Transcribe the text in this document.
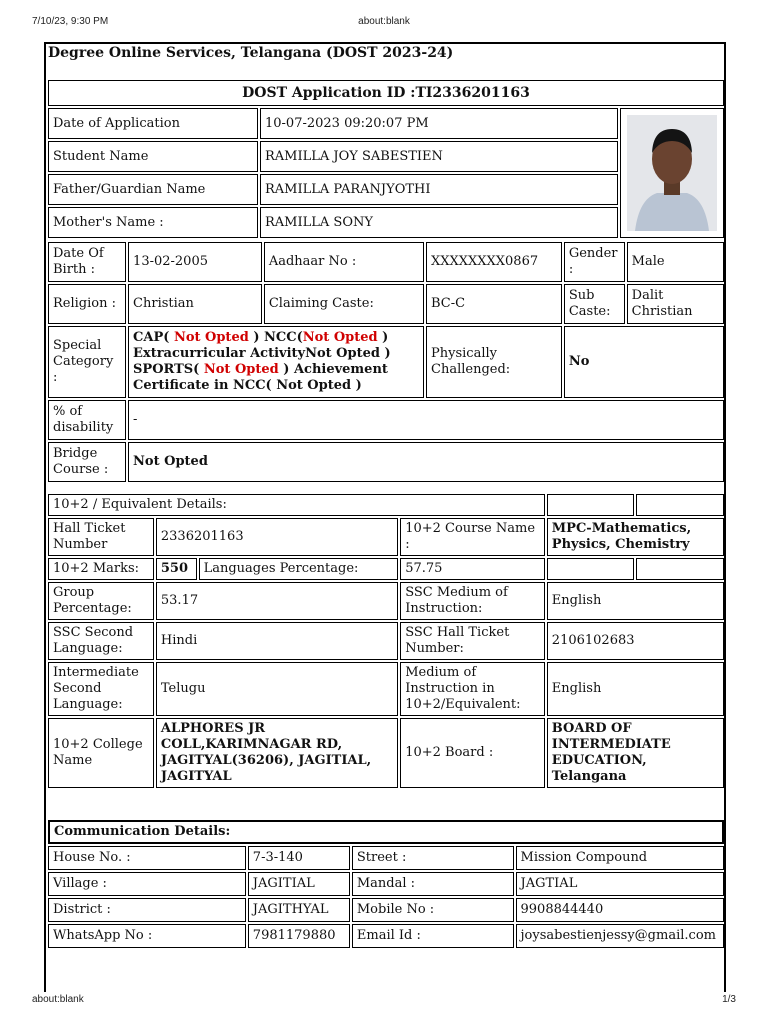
7/10/23, 9:30 PM	about:blank
Degree Online Services, Telangana (DOST 2023-24)
DOST Application ID :TI2336201163
Date of Application	10-07-2023 09:20:07 PM	

Student Name	RAMILLA JOY SABESTIEN	
Father/Guardian Name	RAMILLA PARANJYOTHI	
Mother's Name :	RAMILLA SONY	
Date Of Birth :	13-02-2005	Aadhaar No :	XXXXXXXX0867	Gender :	Male
Religion :	Christian	Claiming Caste:	BC-C	Sub Caste:	Dalit Christian
Special Category :	CAP( Not Opted ) NCC(Not Opted )
Extracurricular ActivityNot Opted )
SPORTS( Not Opted ) Achievement
Certificate in NCC( Not Opted )		Physically Challenged:	No	
% of disability	-				
Bridge Course :	Not Opted				
10+2 / Equivalent Details:					
Hall Ticket Number	2336201163		10+2 Course Name :	MPC-Mathematics, Physics, Chemistry	
10+2 Marks:	550	Languages Percentage:	57.75		
Group Percentage:	53.17		SSC Medium of Instruction:	English	
SSC Second Language:	Hindi		SSC Hall Ticket Number:	2106102683	
Intermediate Second Language:	Telugu		Medium of Instruction in 10+2/Equivalent:	English	
10+2 College Name	ALPHORES JR COLL,KARIMNAGAR RD, JAGITYAL(36206), JAGITIAL, JAGITYAL		10+2 Board :	BOARD OF INTERMEDIATE EDUCATION, Telangana	
Communication Details:			
House No. :	7-3-140	Street :	Mission Compound
Village :	JAGITIAL	Mandal :	JAGTIAL
District :	JAGITHYAL	Mobile No :	9908844440
WhatsApp No :	7981179880	Email Id :	joysabestienjessy@gmail.com
about:blank	1/3
